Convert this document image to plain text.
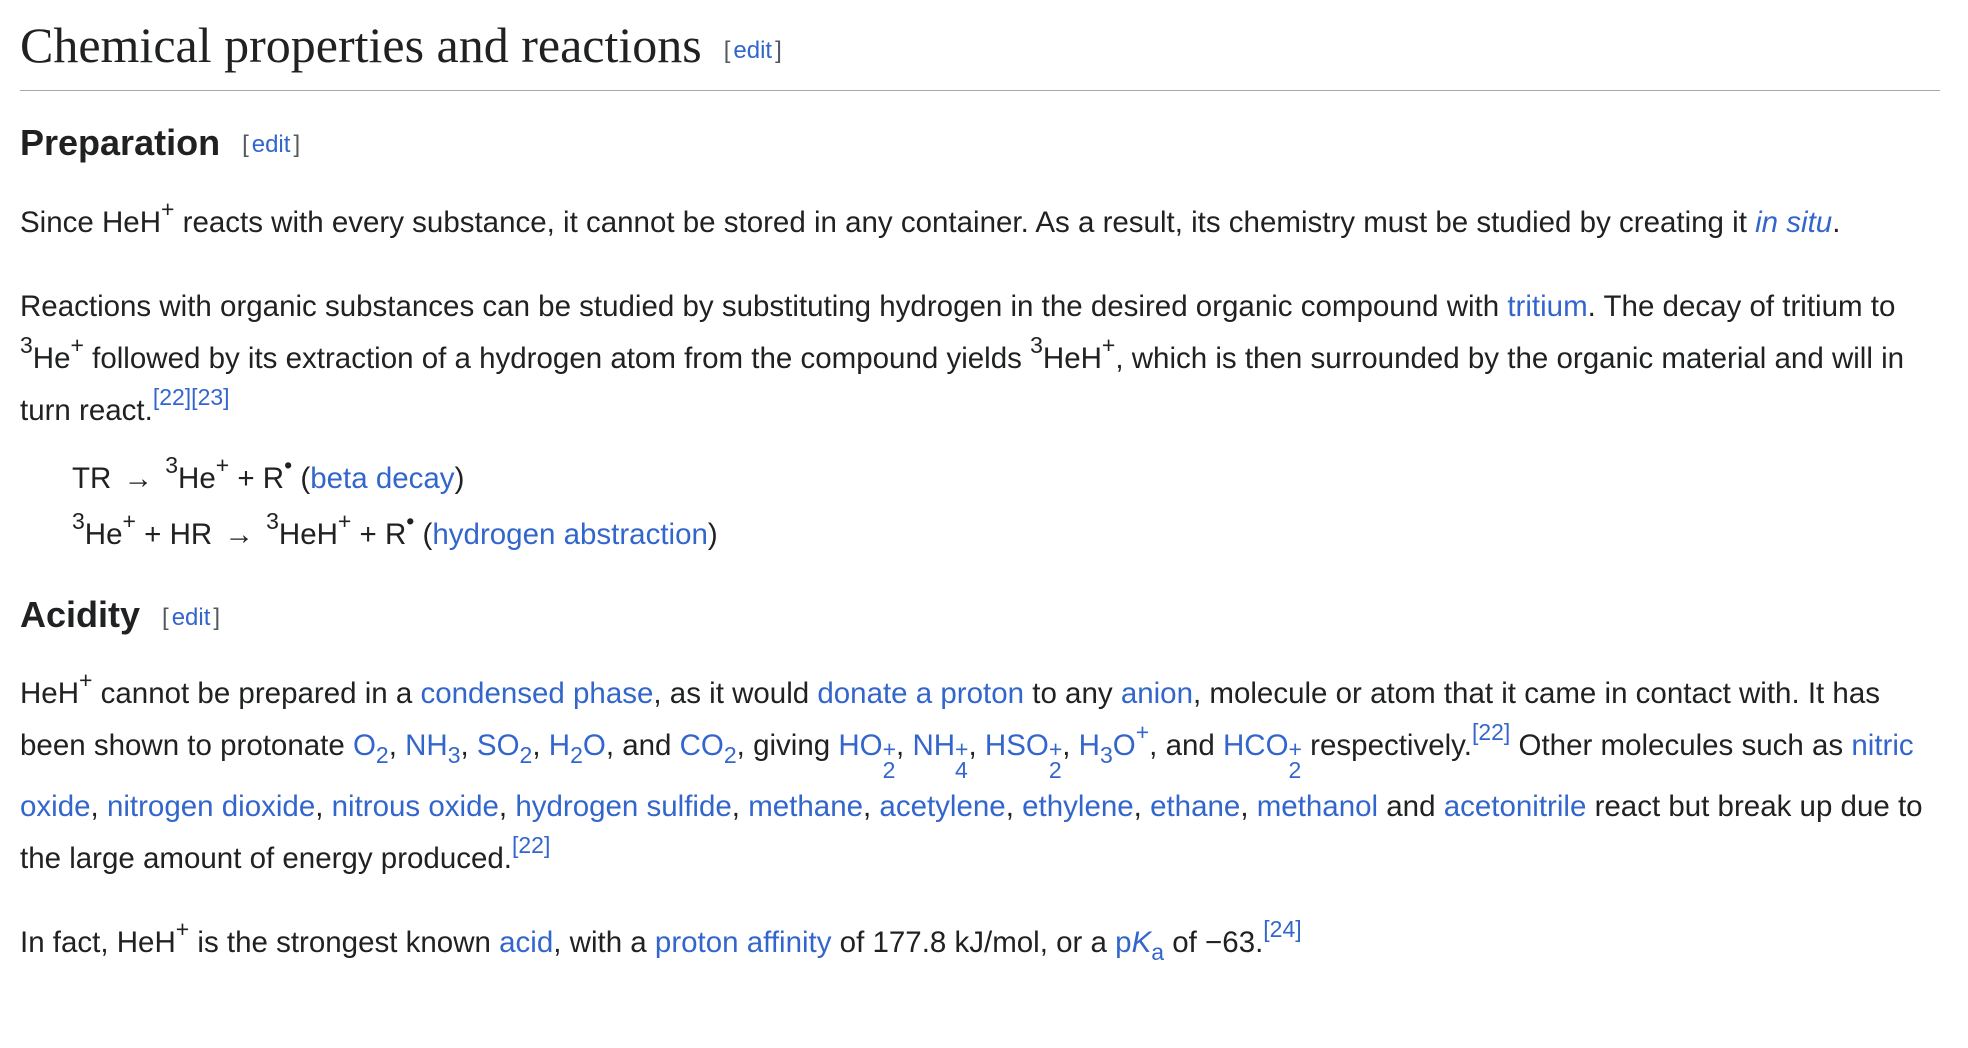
Chemical properties and reactions [ edit ]
Preparation [ edit ]

Since HeH+ reacts with every substance, it cannot be stored in any container. As a result, its chemistry must be studied by creating it in situ.

Reactions with organic substances can be studied by substituting hydrogen in the desired organic compound with tritium. The decay of tritium to $^3$He+ followed by its extraction of a hydrogen atom from the compound yields $^3$HeH+, which is then surrounded by the organic material and will in turn react.[22][23]

TR → $^3$He+ + R• (beta decay)
$^3$He+ + HR → $^3$HeH+ + R• (hydrogen abstraction)
Acidity [ edit ]

HeH+ cannot be prepared in a condensed phase, as it would donate a proton to any anion, molecule or atom that it came in contact with. It has been shown to protonate $O_2$, $NH_3$, $SO_2$, $H_2O$, and $CO_2$, giving HO +
2
, NH +
4
, HSO +
2
, $H_3O^+$, and HCO +
2
respectively.[22] Other molecules such as nitric oxide, nitrogen dioxide, nitrous oxide, hydrogen sulfide, methane, acetylene, ethylene, ethane, methanol and acetonitrile react but break up due to the large amount of energy produced.[22]

In fact, HeH+ is the strongest known acid, with a proton affinity of 177.8 kJ/mol, or a $pK_a$ of −63.[24]
